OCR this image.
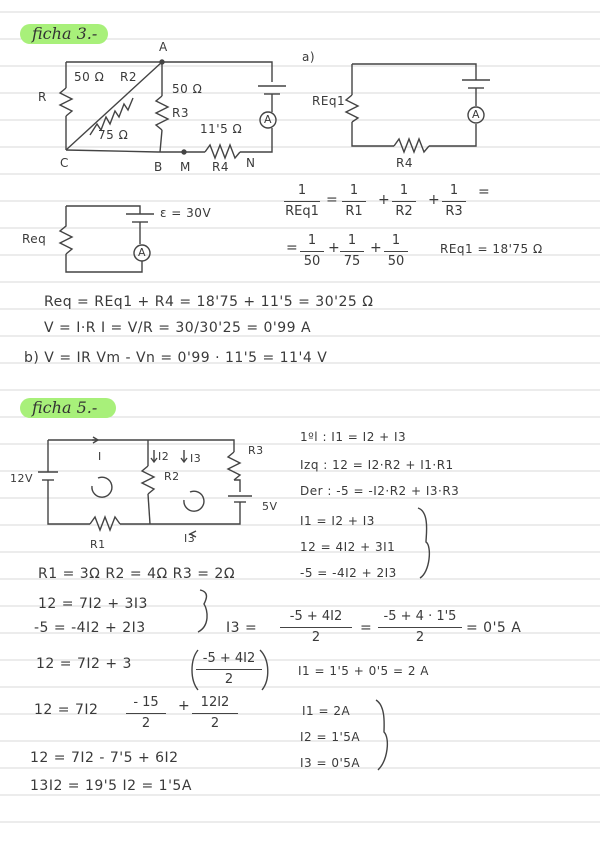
ficha 3.-
A
R
50 Ω R2
75 Ω
50 Ω
R3
11'5 Ω
R4
A
C	B M	N
a)
REq1
R4
A
Req
ε = 30V
A
1
REq1
=
1
R1
+
1
R2
+
1
R3
=
= 1
50
+ 1
75
+ 1
50
REq1 = 18'75 Ω
Req = REq1 + R4 = 18'75 + 11'5 = 30'25 Ω
V = I·R I = V/R = 30/30'25 = 0'99 A
b) V = IR Vm - Vn = 0'99 · 11'5 = 11'4 V
ficha 5.-
12V
5V
I	I2 I3
I3
R1
R2
R3
1ºl : I1 = I2 + I3
Izq : 12 = I2·R2 + I1·R1
Der : -5 = -I2·R2 + I3·R3
I1 = I2 + I3
12 = 4I2 + 3I1
-5 = -4I2 + 2I3
R1 = 3Ω R2 = 4Ω R3 = 2Ω
12 = 7I2 + 3I3
-5 = -4I2 + 2I3	I3 =
-5 + 4I2
2
=
-5 + 4 · 1'5
2
= 0'5 A
12 = 7I2 + 3	-5 + 4I2
2
I1 = 1'5 + 0'5 = 2 A
12 = 7I2	- 15
2
+ 12I2
2
I1 = 2A
I2 = 1'5A
I3 = 0'5A
12 = 7I2 - 7'5 + 6I2
13I2 = 19'5 I2 = 1'5A
